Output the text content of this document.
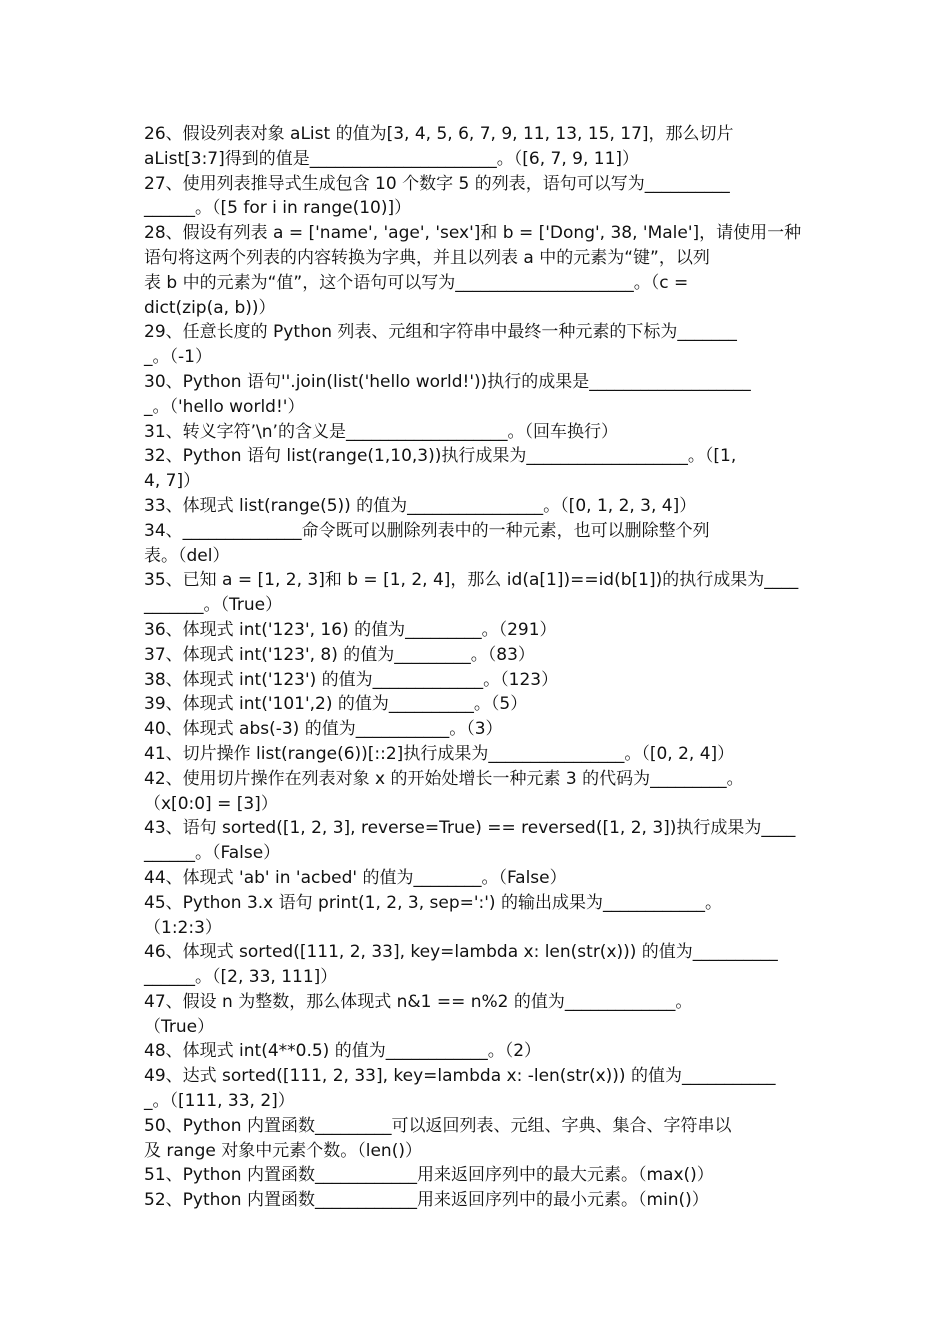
26、假设列表对象 aList 的值为[3, 4, 5, 6, 7, 9, 11, 13, 15, 17]，那么切片
aList[3:7]得到的值是______________________。（[6, 7, 9, 11]）
27、使用列表推导式生成包含 10 个数字 5 的列表，语句可以写为__________
______。（[5 for i in range(10)]）
28、假设有列表 a = ['name', 'age', 'sex']和 b = ['Dong', 38, 'Male']，请使用一种
语句将这两个列表的内容转换为字典，并且以列表 a 中的元素为“键”，以列
表 b 中的元素为“值”，这个语句可以写为_____________________。（c =
dict(zip(a, b))）
29、任意长度的 Python 列表、元组和字符串中最终一种元素的下标为_______
_。（-1）
30、Python 语句''.join(list('hello world!'))执行的成果是___________________
_。（'hello world!'）
31、转义字符’\n’的含义是___________________。（回车换行）
32、Python 语句 list(range(1,10,3))执行成果为___________________。（[1,
4, 7]）
33、体现式 list(range(5)) 的值为________________。（[0, 1, 2, 3, 4]）
34、______________命令既可以删除列表中的一种元素，也可以删除整个列
表。（del）
35、已知 a = [1, 2, 3]和 b = [1, 2, 4]，那么 id(a[1])==id(b[1])的执行成果为____
_______。（True）
36、体现式 int('123', 16) 的值为_________。（291）
37、体现式 int('123', 8) 的值为_________。（83）
38、体现式 int('123') 的值为_____________。（123）
39、体现式 int('101',2) 的值为__________。（5）
40、体现式 abs(-3) 的值为___________。（3）
41、切片操作 list(range(6))[::2]执行成果为________________。（[0, 2, 4]）
42、使用切片操作在列表对象 x 的开始处增长一种元素 3 的代码为_________。
（x[0:0] = [3]）
43、语句 sorted([1, 2, 3], reverse=True) == reversed([1, 2, 3])执行成果为____
______。（False）
44、体现式 'ab' in 'acbed' 的值为________。（False）
45、Python 3.x 语句 print(1, 2, 3, sep=':') 的输出成果为____________。
（1:2:3）
46、体现式 sorted([111, 2, 33], key=lambda x: len(str(x))) 的值为__________
______。（[2, 33, 111]）
47、假设 n 为整数，那么体现式 n&1 == n%2 的值为_____________。
（True）
48、体现式 int(4**0.5) 的值为____________。（2）
49、达式 sorted([111, 2, 33], key=lambda x: -len(str(x))) 的值为___________
_。（[111, 33, 2]）
50、Python 内置函数_________可以返回列表、元组、字典、集合、字符串以
及 range 对象中元素个数。（len()）
51、Python 内置函数____________用来返回序列中的最大元素。（max()）
52、Python 内置函数____________用来返回序列中的最小元素。（min()）
